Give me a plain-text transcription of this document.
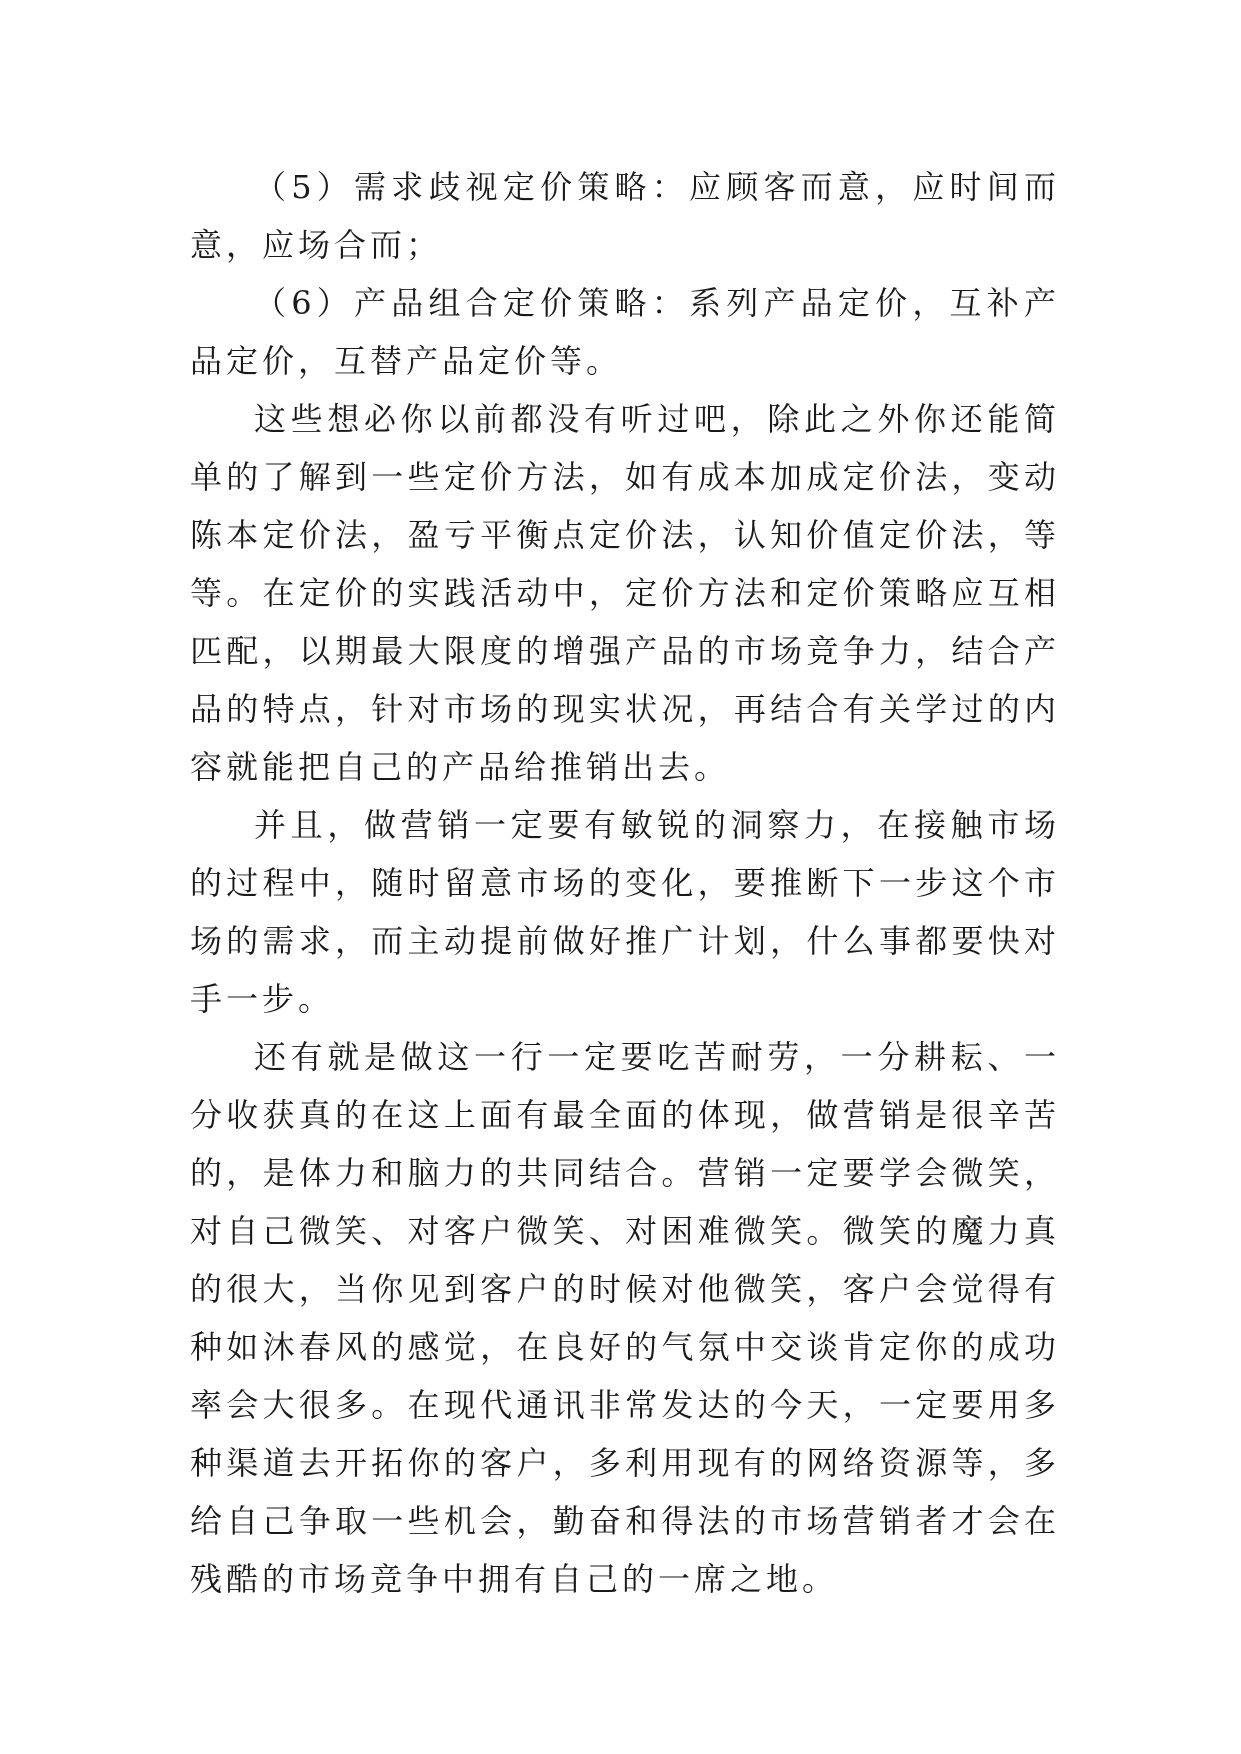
（5）需求歧视定价策略：应顾客而意，应时间而意，应场合而；

（6）产品组合定价策略：系列产品定价，互补产品定价，互替产品定价等。

这些想必你以前都没有听过吧，除此之外你还能简单的了解到一些定价方法，如有成本加成定价法，变动陈本定价法，盈亏平衡点定价法，认知价值定价法，等等。在定价的实践活动中，定价方法和定价策略应互相匹配，以期最大限度的增强产品的市场竞争力，结合产品的特点，针对市场的现实状况，再结合有关学过的内容就能把自己的产品给推销出去。

并且，做营销一定要有敏锐的洞察力，在接触市场的过程中，随时留意市场的变化，要推断下一步这个市场的需求，而主动提前做好推广计划，什么事都要快对手一步。

还有就是做这一行一定要吃苦耐劳，一分耕耘、一分收获真的在这上面有最全面的体现，做营销是很辛苦的，是体力和脑力的共同结合。营销一定要学会微笑，对自己微笑、对客户微笑、对困难微笑。微笑的魔力真的很大，当你见到客户的时候对他微笑，客户会觉得有种如沐春风的感觉，在良好的气氛中交谈肯定你的成功率会大很多。在现代通讯非常发达的今天，一定要用多种渠道去开拓你的客户，多利用现有的网络资源等，多给自己争取一些机会，勤奋和得法的市场营销者才会在残酷的市场竞争中拥有自己的一席之地。
